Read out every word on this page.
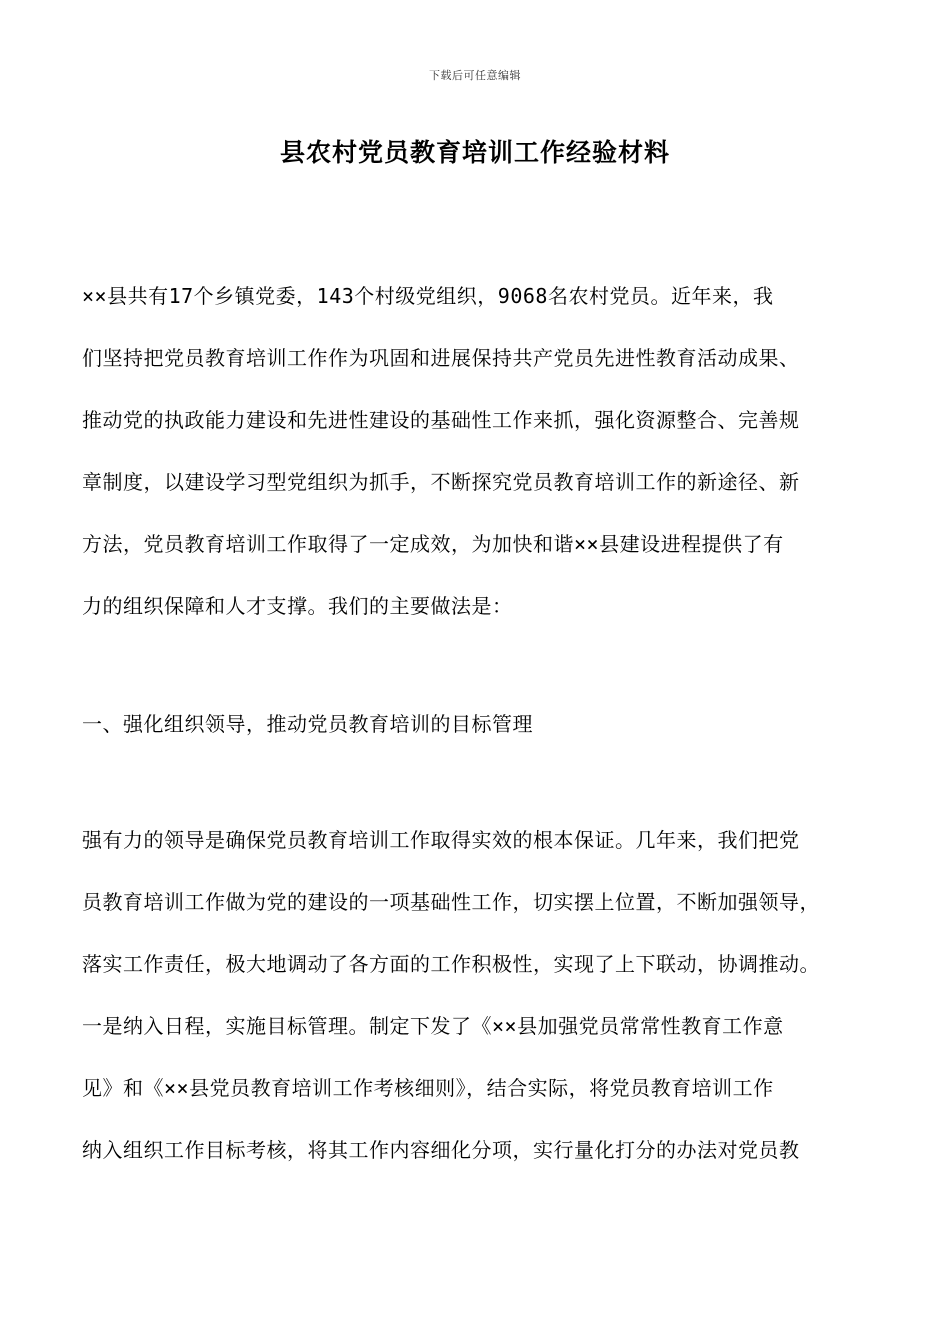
下载后可任意编辑
县农村党员教育培训工作经验材料
××县共有17个乡镇党委，143个村级党组织，9068名农村党员。近年来，我
们坚持把党员教育培训工作作为巩固和进展保持共产党员先进性教育活动成果、
推动党的执政能力建设和先进性建设的基础性工作来抓，强化资源整合、完善规
章制度，以建设学习型党组织为抓手，不断探究党员教育培训工作的新途径、新
方法，党员教育培训工作取得了一定成效，为加快和谐××县建设进程提供了有
力的组织保障和人才支撑。我们的主要做法是：
一、强化组织领导，推动党员教育培训的目标管理
强有力的领导是确保党员教育培训工作取得实效的根本保证。几年来，我们把党
员教育培训工作做为党的建设的一项基础性工作，切实摆上位置，不断加强领导，
落实工作责任，极大地调动了各方面的工作积极性，实现了上下联动，协调推动。
一是纳入日程，实施目标管理。制定下发了《××县加强党员常常性教育工作意
见》和《××县党员教育培训工作考核细则》，结合实际，将党员教育培训工作
纳入组织工作目标考核，将其工作内容细化分项，实行量化打分的办法对党员教
